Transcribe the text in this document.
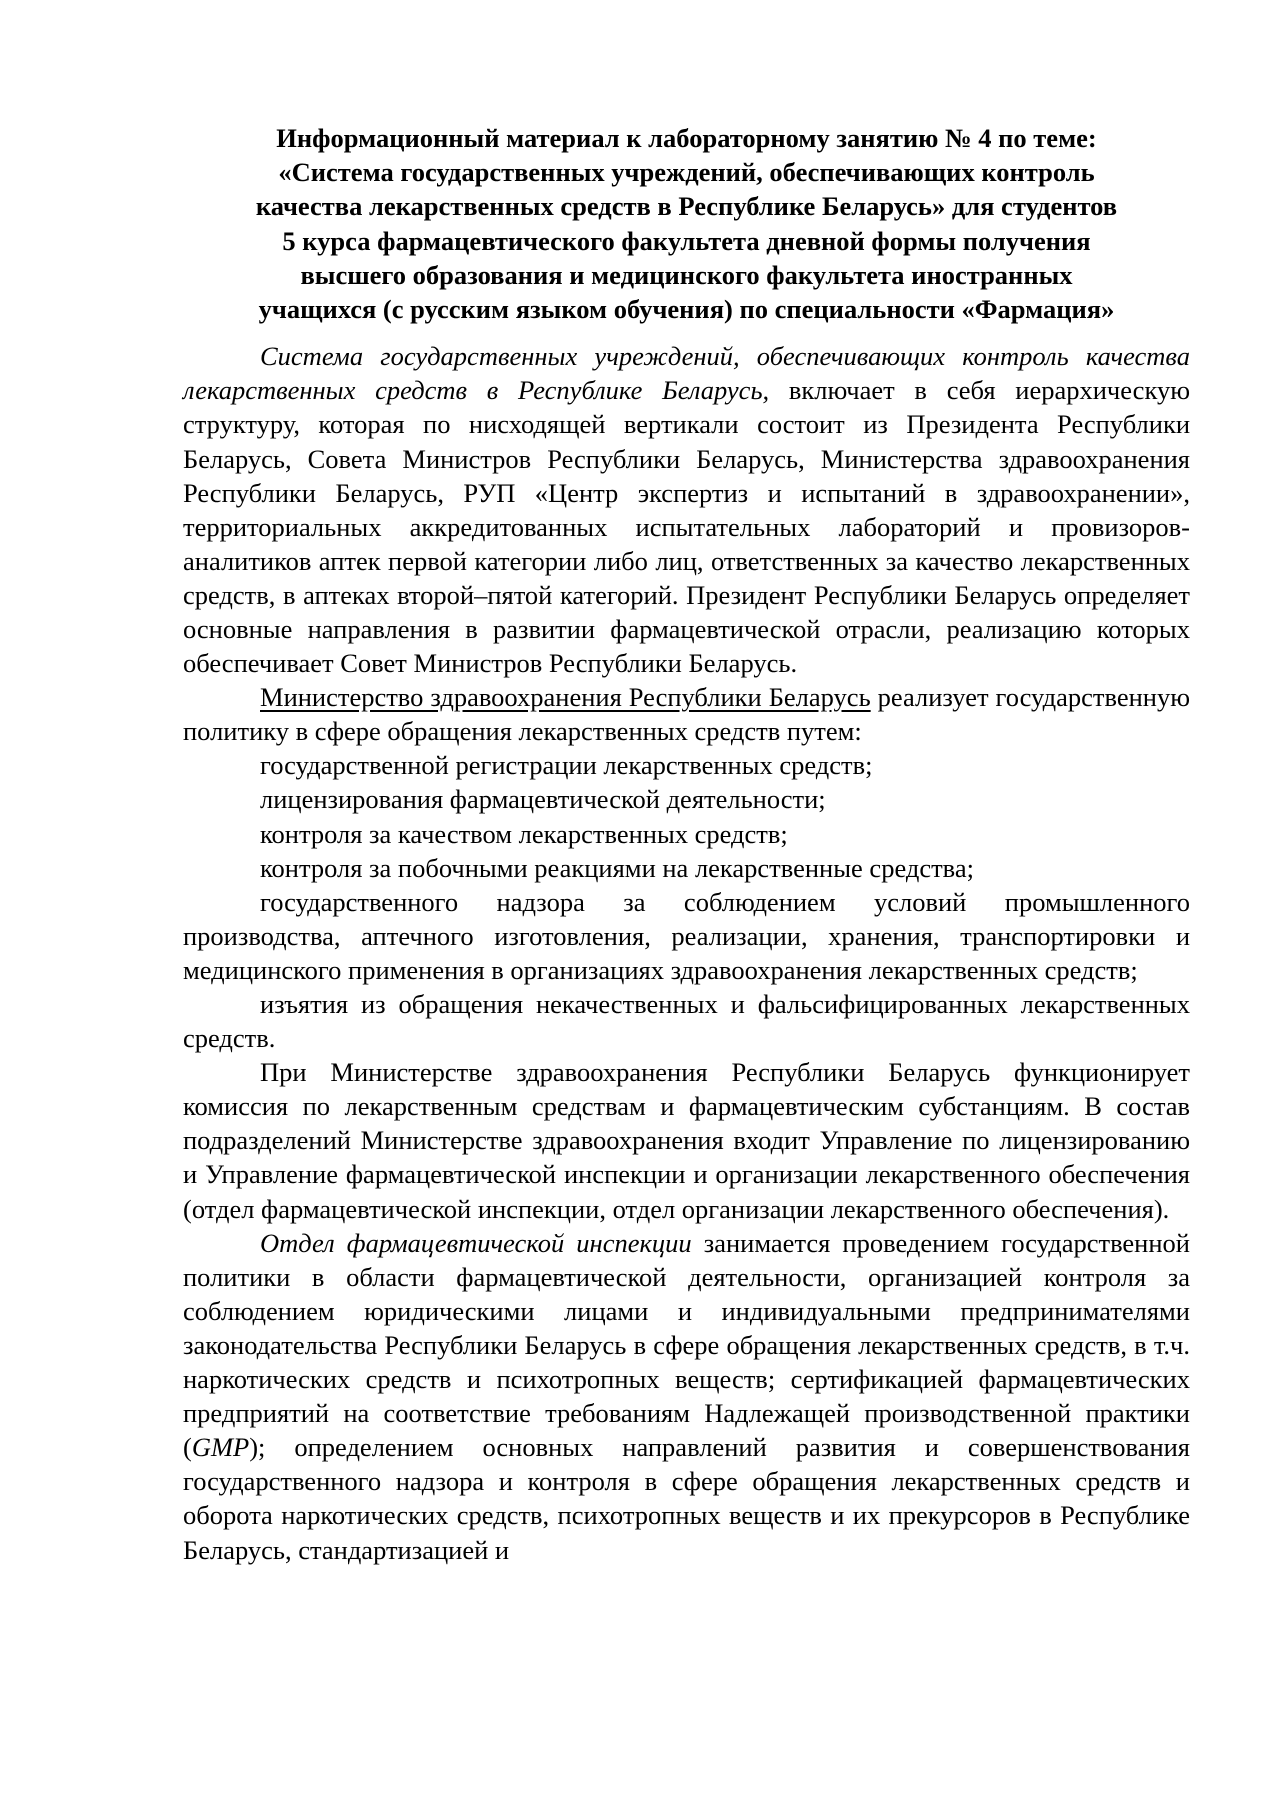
Информационный материал к лабораторному занятию № 4 по теме:
«Система государственных учреждений, обеспечивающих контроль
качества лекарственных средств в Республике Беларусь» для студентов
5 курса фармацевтического факультета дневной формы получения
высшего образования и медицинского факультета иностранных
учащихся (с русским языком обучения) по специальности «Фармация»

Система государственных учреждений, обеспечивающих контроль качества лекарственных средств в Республике Беларусь, включает в себя иерархическую структуру, которая по нисходящей вертикали состоит из Президента Республики Беларусь, Совета Министров Республики Беларусь, Министерства здравоохранения Республики Беларусь, РУП «Центр экспертиз и испытаний в здравоохранении», территориальных аккредитованных испытательных лабораторий и провизоров-аналитиков аптек первой категории либо лиц, ответственных за качество лекарственных средств, в аптеках второй–пятой категорий. Президент Республики Беларусь определяет основные направления в развитии фармацевтической отрасли, реализацию которых обеспечивает Совет Министров Республики Беларусь.

Министерство здравоохранения Республики Беларусь реализует государственную политику в сфере обращения лекарственных средств путем:

государственной регистрации лекарственных средств;

лицензирования фармацевтической деятельности;

контроля за качеством лекарственных средств;

контроля за побочными реакциями на лекарственные средства;

государственного надзора за соблюдением условий промышленного производства, аптечного изготовления, реализации, хранения, транспортировки и медицинского применения в организациях здравоохранения лекарственных средств;

изъятия из обращения некачественных и фальсифицированных лекарственных средств.

При Министерстве здравоохранения Республики Беларусь функционирует комиссия по лекарственным средствам и фармацевтическим субстанциям. В состав подразделений Министерстве здравоохранения входит Управление по лицензированию и Управление фармацевтической инспекции и организации лекарственного обеспечения (отдел фармацевтической инспекции, отдел организации лекарственного обеспечения).

Отдел фармацевтической инспекции занимается проведением государственной политики в области фармацевтической деятельности, организацией контроля за соблюдением юридическими лицами и индивидуальными предпринимателями законодательства Республики Беларусь в сфере обращения лекарственных средств, в т.ч. наркотических средств и психотропных веществ; сертификацией фармацевтических предприятий на соответствие требованиям Надлежащей производственной практики (GMP); определением основных направлений развития и совершенствования государственного надзора и контроля в сфере обращения лекарственных средств и оборота наркотических средств, психотропных веществ и их прекурсоров в Республике Беларусь, стандартизацией и
